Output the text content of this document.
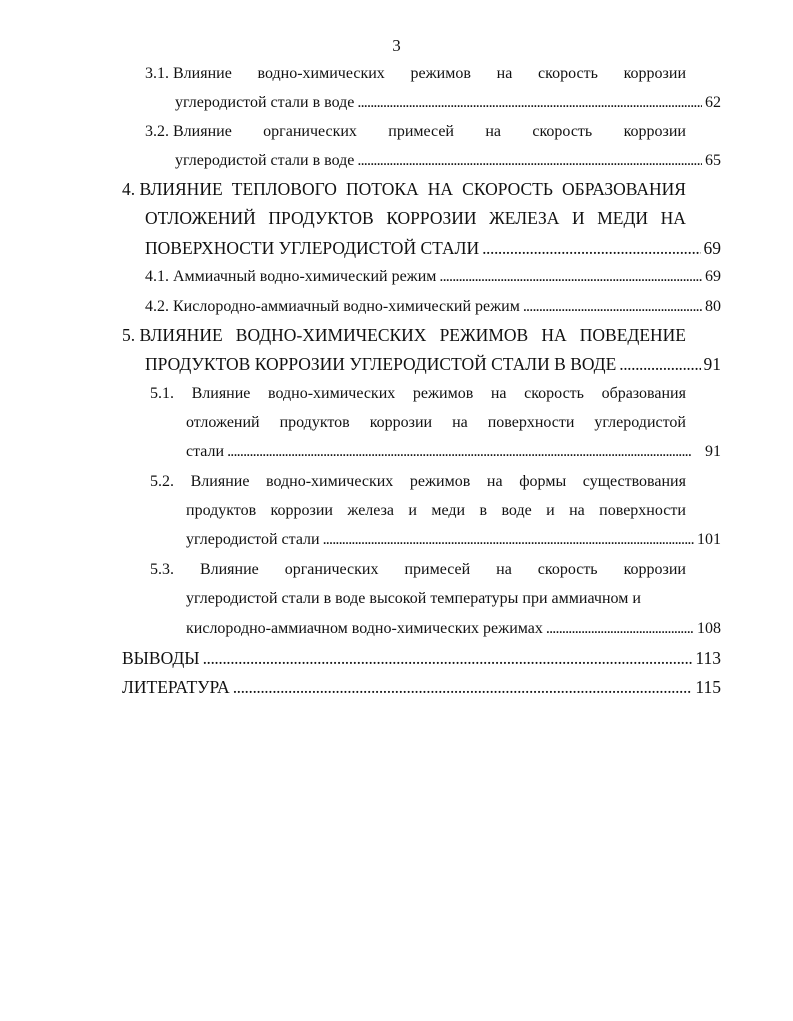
3
3.1. Влияние водно-химических режимов на скорость коррозии
углеродистой стали в воде . . .	62
3.2. Влияние органических примесей на скорость коррозии
углеродистой стали в воде . . .	65
4. ВЛИЯНИЕ ТЕПЛОВОГО ПОТОКА НА СКОРОСТЬ ОБРАЗОВАНИЯ
ОТЛОЖЕНИЙ ПРОДУКТОВ КОРРОЗИИ ЖЕЛЕЗА И МЕДИ НА
ПОВЕРХНОСТИ УГЛЕРОДИСТОЙ СТАЛИ . . .	69
4.1. Аммиачный водно-химический режим . . .	69
4.2. Кислородно-аммиачный водно-химический режим . . .	80
5. ВЛИЯНИЕ ВОДНО-ХИМИЧЕСКИХ РЕЖИМОВ НА ПОВЕДЕНИЕ
ПРОДУКТОВ КОРРОЗИИ УГЛЕРОДИСТОЙ СТАЛИ В ВОДЕ . . .	91
5.1. Влияние водно-химических режимов на скорость образования
отложений продуктов коррозии на поверхности углеродистой
стали . . .	91
5.2. Влияние водно-химических режимов на формы существования
продуктов коррозии железа и меди в воде и на поверхности
углеродистой стали . . .	101
5.3. Влияние органических примесей на скорость коррозии
углеродистой стали в воде высокой температуры при аммиачном и
кислородно-аммиачном водно-химических режимах . . .	108
ВЫВОДЫ . . .	113
ЛИТЕРАТУРА . . .	115
